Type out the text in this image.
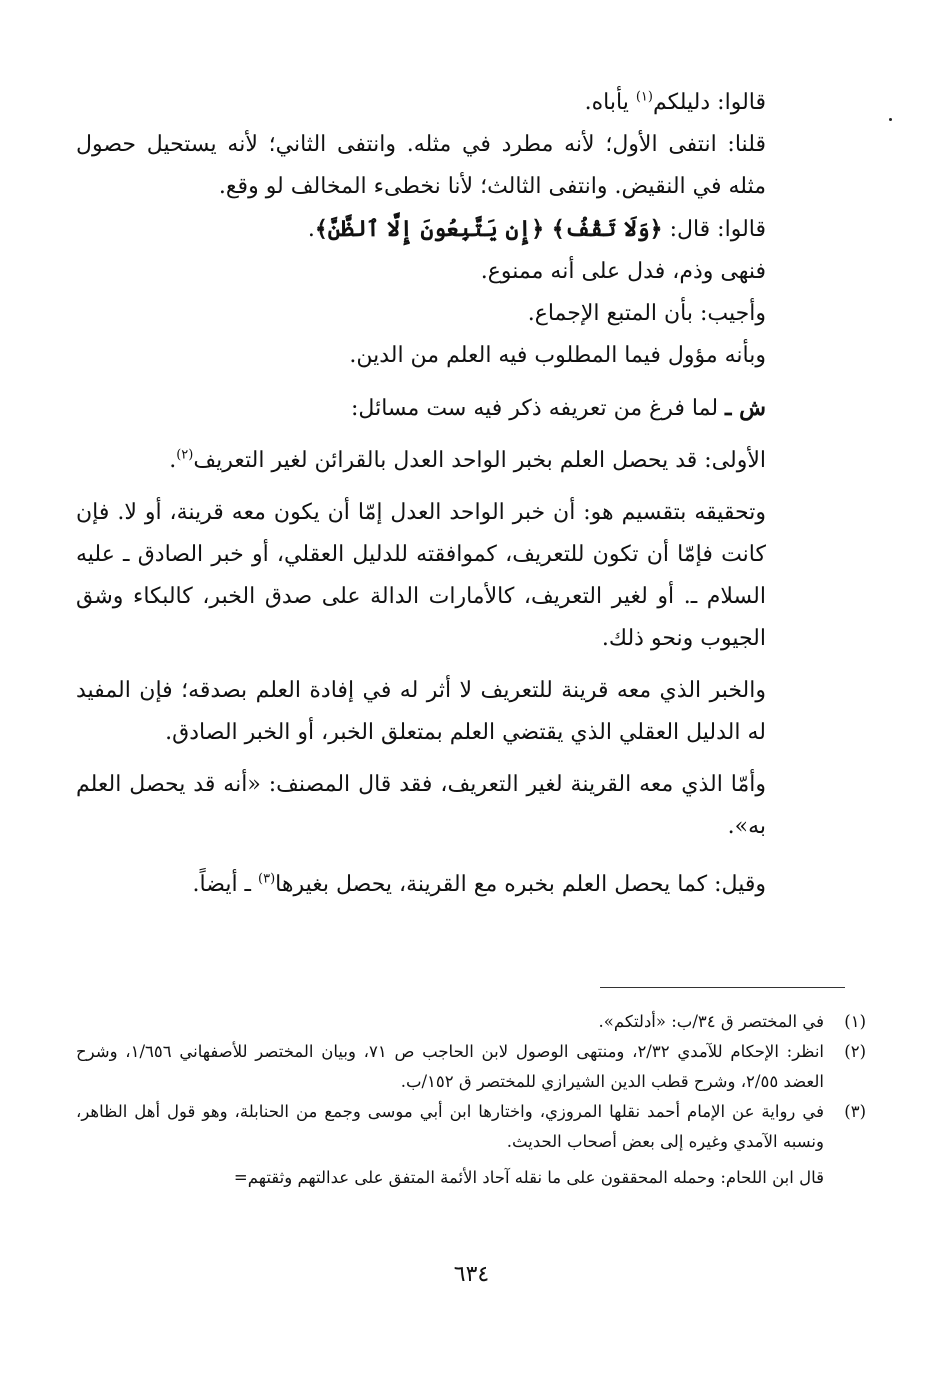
قالوا: دليلكم$^{(١)}$ يأباه.

قلنا: انتفى الأول؛ لأنه مطرد في مثله. وانتفى الثاني؛ لأنه يستحيل حصول مثله في النقيض. وانتفى الثالث؛ لأنا نخطىء المخالف لو وقع.

قالوا: قال: ﴿وَلَا تَقْفُ﴾ ﴿إِن يَتَّبِعُونَ إِلَّا ٱلظَّنَّ﴾.

فنهى وذم، فدل على أنه ممنوع.

وأجيب: بأن المتبع الإجماع.

وبأنه مؤول فيما المطلوب فيه العلم من الدين.

ش ـ لما فرغ من تعريفه ذكر فيه ست مسائل:

الأولى: قد يحصل العلم بخبر الواحد العدل بالقرائن لغير التعريف$^{(٢)}$.

وتحقيقه بتقسيم هو: أن خبر الواحد العدل إمّا أن يكون معه قرينة، أو لا. فإن كانت فإمّا أن تكون للتعريف، كموافقته للدليل العقلي، أو خبر الصادق ـ عليه السلام ـ. أو لغير التعريف، كالأمارات الدالة على صدق الخبر، كالبكاء وشق الجيوب ونحو ذلك.

والخبر الذي معه قرينة للتعريف لا أثر له في إفادة العلم بصدقه؛ فإن المفيد له الدليل العقلي الذي يقتضي العلم بمتعلق الخبر، أو الخبر الصادق.

وأمّا الذي معه القرينة لغير التعريف، فقد قال المصنف: «أنه قد يحصل العلم به».

وقيل: كما يحصل العلم بخبره مع القرينة، يحصل بغيرها$^{(٣)}$ ـ أيضاً.

(١)
في المختصر ق ٣٤/ب: «أدلتكم».
(٢)
انظر: الإحكام للآمدي ٢/٣٢، ومنتهى الوصول لابن الحاجب ص ٧١، وبيان المختصر للأصفهاني ١/٦٥٦، وشرح العضد ٢/٥٥، وشرح قطب الدين الشيرازي للمختصر ق ١٥٢/ب.
(٣)
في رواية عن الإمام أحمد نقلها المروزي، واختارها ابن أبي موسى وجمع من الحنابلة، وهو قول أهل الظاهر، ونسبه الآمدي وغيره إلى بعض أصحاب الحديث.
قال ابن اللحام: وحمله المحققون على ما نقله آحاد الأئمة المتفق على عدالتهم وثقتهم=
٦٣٤
